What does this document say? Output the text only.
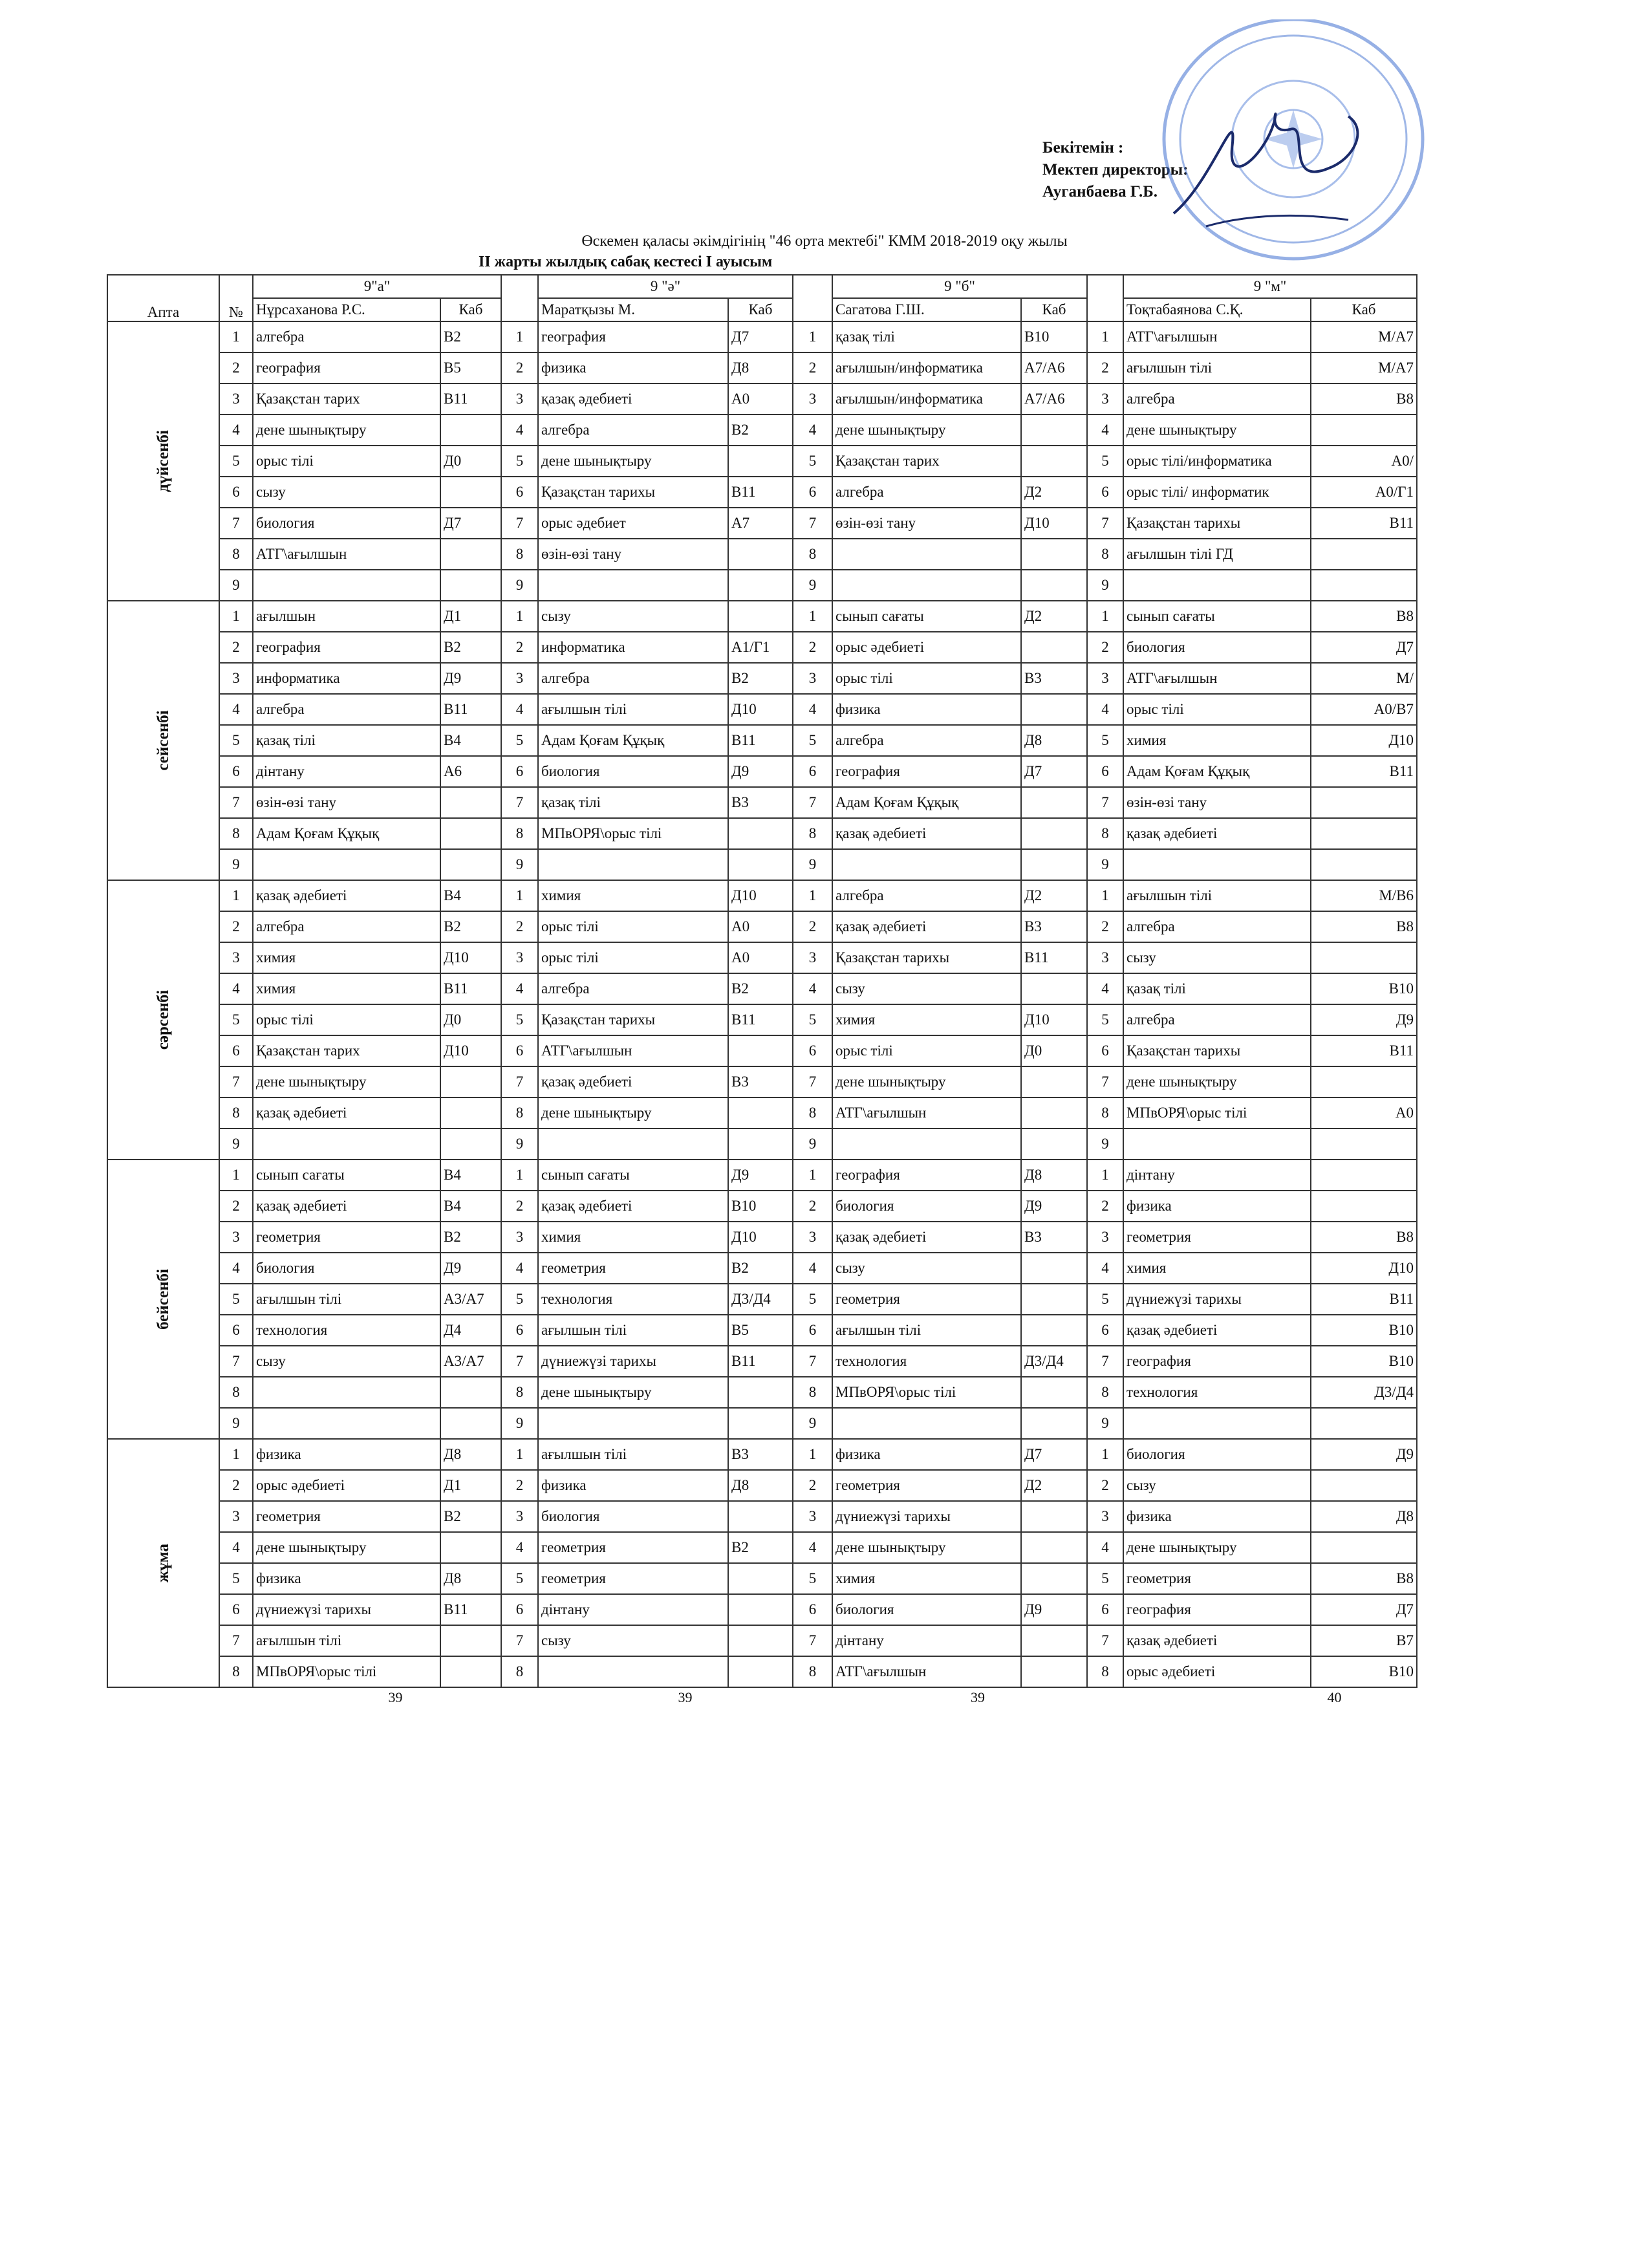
Бекітемін :
Мектеп директоры:
Ауганбаева Г.Б.
Өскемен қаласы әкімдігінің "46 орта мектебі" КММ 2018-2019 оқу жылы
II жарты жылдық сабақ кестесі I ауысым
Апта	№	9"а"			9 "ә"			9 "б"			9 "м"	
		Нұрсаханова Р.С.	Каб		Маратқызы М.	Каб		Сагатова Г.Ш.	Каб		Тоқтабаянова С.Қ.	Каб

дүйсенбі	1	алгебра	В2	1	география	Д7	1	қазақ тілі	В10	1	АТГ\ағылшын	М/А7
	2	география	В5	2	физика	Д8	2	ағылшын/информатика	А7/А6	2	ағылшын тілі	М/А7
	3	Қазақстан тарих	В11	3	қазақ әдебиеті	А0	3	ағылшын/информатика	А7/А6	3	алгебра	В8
	4	дене шынықтыру		4	алгебра	В2	4	дене шынықтыру		4	дене шынықтыру	
	5	орыс тілі	Д0	5	дене шынықтыру		5	Қазақстан тарих		5	орыс тілі/информатика	А0/
	6	сызу		6	Қазақстан тарихы	В11	6	алгебра	Д2	6	орыс тілі/ информатик	А0/Г1
	7	биология	Д7	7	орыс әдебиет	А7	7	өзін-өзі тану	Д10	7	Қазақстан тарихы	В11
	8	АТГ\ағылшын		8	өзін-өзі тану		8			8	ағылшын тілі ГД	
	9			9			9			9		

сейсенбі	1	ағылшын	Д1	1	сызу		1	сынып сағаты	Д2	1	сынып сағаты	В8
	2	география	В2	2	информатика	А1/Г1	2	орыс әдебиеті		2	биология	Д7
	3	информатика	Д9	3	алгебра	В2	3	орыс тілі	В3	3	АТГ\ағылшын	М/
	4	алгебра	В11	4	ағылшын тілі	Д10	4	физика		4	орыс тілі	А0/В7
	5	қазақ тілі	В4	5	Адам Қоғам Құқық	В11	5	алгебра	Д8	5	химия	Д10
	6	дінтану	А6	6	биология	Д9	6	география	Д7	6	Адам Қоғам Құқық	В11
	7	өзін-өзі тану		7	қазақ тілі	В3	7	Адам Қоғам Құқық		7	өзін-өзі тану	
	8	Адам Қоғам Құқық		8	МПвОРЯ\орыс тілі		8	қазақ әдебиеті		8	қазақ әдебиеті	
	9			9			9			9		

сәрсенбі	1	қазақ әдебиеті	В4	1	химия	Д10	1	алгебра	Д2	1	ағылшын тілі	М/В6
	2	алгебра	В2	2	орыс тілі	А0	2	қазақ әдебиеті	В3	2	алгебра	В8
	3	химия	Д10	3	орыс тілі	А0	3	Қазақстан тарихы	В11	3	сызу	
	4	химия	В11	4	алгебра	В2	4	сызу		4	қазақ тілі	В10
	5	орыс тілі	Д0	5	Қазақстан тарихы	В11	5	химия	Д10	5	алгебра	Д9
	6	Қазақстан тарих	Д10	6	АТГ\ағылшын		6	орыс тілі	Д0	6	Қазақстан тарихы	В11
	7	дене шынықтыру		7	қазақ әдебиеті	В3	7	дене шынықтыру		7	дене шынықтыру	
	8	қазақ әдебиеті		8	дене шынықтыру		8	АТГ\ағылшын		8	МПвОРЯ\орыс тілі	А0
	9			9			9			9		

бейсенбі	1	сынып сағаты	В4	1	сынып сағаты	Д9	1	география	Д8	1	дінтану	
	2	қазақ әдебиеті	В4	2	қазақ әдебиеті	В10	2	биология	Д9	2	физика	
	3	геометрия	В2	3	химия	Д10	3	қазақ әдебиеті	В3	3	геометрия	В8
	4	биология	Д9	4	геометрия	В2	4	сызу		4	химия	Д10
	5	ағылшын тілі	А3/А7	5	технология	Д3/Д4	5	геометрия		5	дүниежүзі тарихы	В11
	6	технология	Д4	6	ағылшын тілі	В5	6	ағылшын тілі		6	қазақ әдебиеті	В10
	7	сызу	А3/А7	7	дүниежүзі тарихы	В11	7	технология	Д3/Д4	7	география	В10
	8			8	дене шынықтыру		8	МПвОРЯ\орыс тілі		8	технология	Д3/Д4
	9			9			9			9		

жұма	1	физика	Д8	1	ағылшын тілі	В3	1	физика	Д7	1	биология	Д9
	2	орыс әдебиеті	Д1	2	физика	Д8	2	геометрия	Д2	2	сызу	
	3	геометрия	В2	3	биология		3	дүниежүзі тарихы		3	физика	Д8
	4	дене шынықтыру		4	геометрия	В2	4	дене шынықтыру		4	дене шынықтыру	
	5	физика	Д8	5	геометрия		5	химия		5	геометрия	В8
	6	дүниежүзі тарихы	В11	6	дінтану		6	биология	Д9	6	география	Д7
	7	ағылшын тілі		7	сызу		7	дінтану		7	қазақ әдебиеті	В7
	8	МПвОРЯ\орыс тілі		8			8	АТГ\ағылшын		8	орыс әдебиеті	В10
		39			39			39			40	
